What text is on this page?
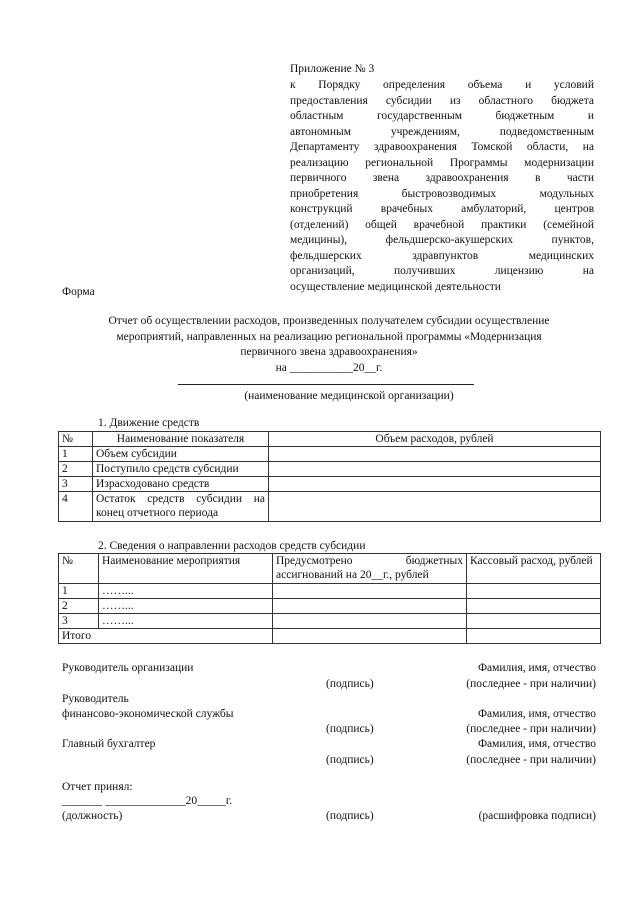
Приложение № 3
к Порядку определения объема и условий
предоставления субсидии из областного бюджета
областным государственным бюджетным и
автономным учреждениям, подведомственным
Департаменту здравоохранения Томской области, на
реализацию региональной Программы модернизации
первичного звена здравоохранения в части
приобретения быстровозводимых модульных
конструкций врачебных амбулаторий, центров
(отделений) общей врачебной практики (семейной
медицины), фельдшерско-акушерских пунктов,
фельдшерских здравпунктов медицинских
организаций, получивших лицензию на
осуществление медицинской деятельности
Форма
Отчет об осуществлении расходов, произведенных получателем субсидии осуществление
мероприятий, направленных на реализацию региональной программы «Модернизация
первичного звена здравоохранения»
на ___________20__г.
(наименование медицинской организации)
1. Движение средств
№	Наименование показателя	Объем расходов, рублей
1	Объем субсидии	
2	Поступило средств субсидии	
3	Израсходовано средств	
4	Остаток средств субсидии на конец отчетного периода	
2. Сведения о направлении расходов средств субсидии
№	Наименование мероприятия	Предусмотрено бюджетных ассигнований на 20__г., рублей	Кассовый расход, рублей
1	……...		
2	……...		
3	……...		
Итого			
Руководитель организации	Фамилия, имя, отчество
(подпись)	(последнее - при наличии)
Руководитель
финансово-экономической службы	Фамилия, имя, отчество
(подпись)	(последнее - при наличии)
Главный бухгалтер	Фамилия, имя, отчество
(подпись)	(последнее - при наличии)
Отчет принял:
_______ ______________20_____г.
(должность)	(подпись)	(расшифровка подписи)
